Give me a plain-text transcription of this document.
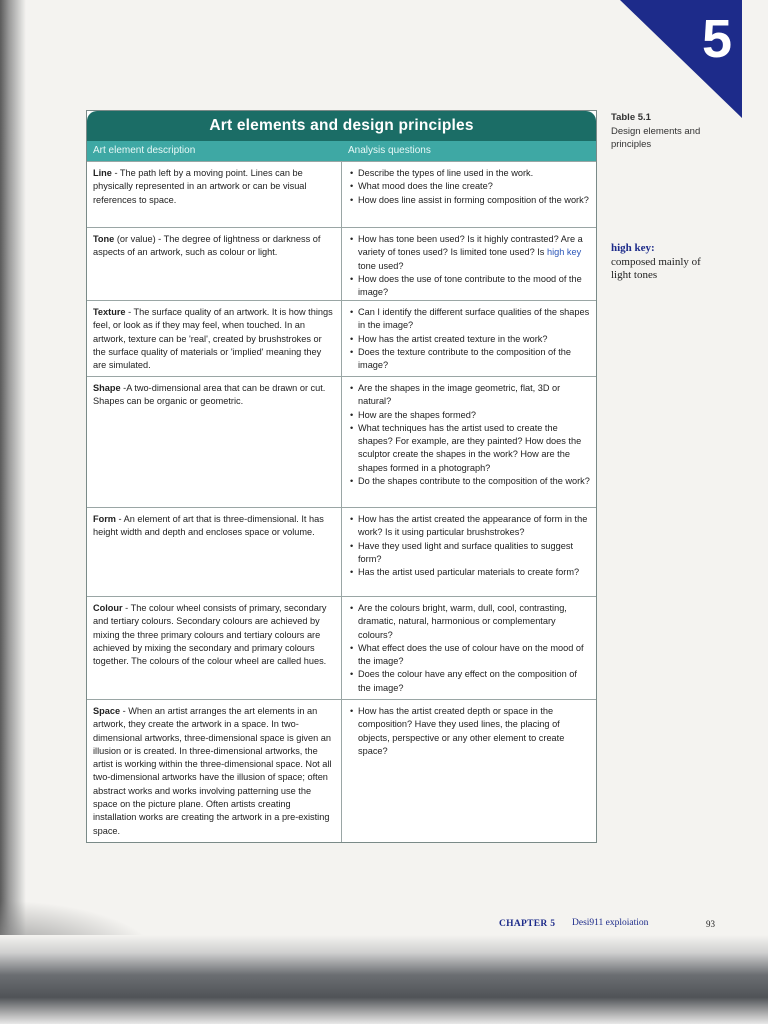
5
Art elements and design principles
Art element description	Analysis questions
Line - The path left by a moving point. Lines can be physically represented in an artwork or can be visual references to space.
• Describe the types of line used in the work.
• What mood does the line create?
• How does line assist in forming composition of the work?
Tone (or value) - The degree of lightness or darkness of aspects of an artwork, such as colour or light.
• How has tone been used? Is it highly contrasted? Are a variety of tones used? Is limited tone used? Is high key tone used?
• How does the use of tone contribute to the mood of the image?
Texture - The surface quality of an artwork. It is how things feel, or look as if they may feel, when touched. In an artwork, texture can be 'real', created by brushstrokes or the surface quality of materials or 'implied' meaning they are simulated.
• Can I identify the different surface qualities of the shapes in the image?
• How has the artist created texture in the work?
• Does the texture contribute to the composition of the image?
Shape -A two-dimensional area that can be drawn or cut. Shapes can be organic or geometric.
• Are the shapes in the image geometric, flat, 3D or natural?
• How are the shapes formed?
• What techniques has the artist used to create the shapes? For example, are they painted? How does the sculptor create the shapes in the work? How are the shapes formed in a photograph?
• Do the shapes contribute to the composition of the work?
Form - An element of art that is three-dimensional. It has height width and depth and encloses space or volume.
• How has the artist created the appearance of form in the work? Is it using particular brushstrokes?
• Have they used light and surface qualities to suggest form?
• Has the artist used particular materials to create form?
Colour - The colour wheel consists of primary, secondary and tertiary colours. Secondary colours are achieved by mixing the three primary colours and tertiary colours are achieved by mixing the secondary and primary colours together. The colours of the colour wheel are called hues.
• Are the colours bright, warm, dull, cool, contrasting, dramatic, natural, harmonious or complementary colours?
• What effect does the use of colour have on the mood of the image?
• Does the colour have any effect on the composition of the image?
Space - When an artist arranges the art elements in an artwork, they create the artwork in a space. In two-dimensional artworks, three-dimensional space is given an illusion or is created. In three-dimensional artworks, the artist is working within the three-dimensional space. Not all two-dimensional artworks have the illusion of space; often abstract works and works involving patterning use the space on the picture plane. Often artists creating installation works are creating the artwork in a pre-existing space.
• How has the artist created depth or space in the composition? Have they used lines, the placing of objects, perspective or any other element to create space?
Table 5.1
Design elements and principles
high key:
composed mainly of light tones
CHAPTER 5 Desi911 exploiation	93
